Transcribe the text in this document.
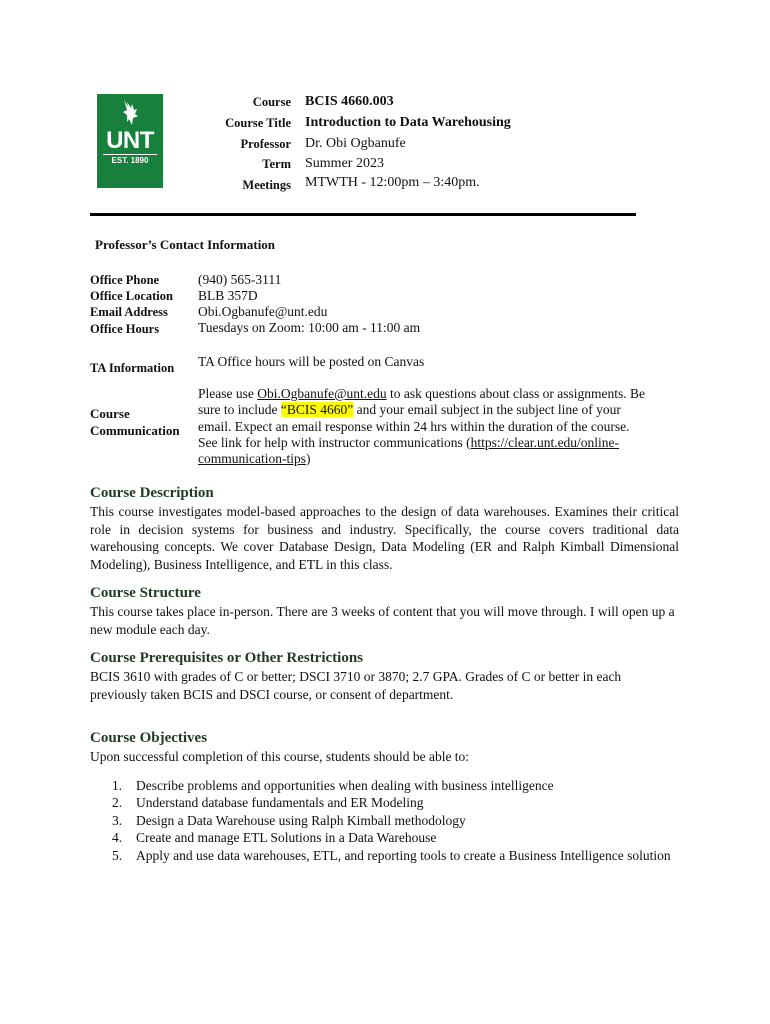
UNT
EST. 1890
Course BCIS 4660.003
Course Title Introduction to Data Warehousing
Professor Dr. Obi Ogbanufe
Term Summer 2023
Meetings MTWTH - 12:00pm – 3:40pm.
Professor’s Contact Information
Office Phone	(940) 565-3111
Office Location BLB 357D
Email Address Obi.Ogbanufe@unt.edu
Office Hours	Tuesdays on Zoom: 10:00 am - 11:00 am
TA Information TA Office hours will be posted on Canvas
Course
Communication
Please use Obi.Ogbanufe@unt.edu to ask questions about class or assignments. Be sure to include “BCIS 4660” and your email subject in the subject line of your email. Expect an email response within 24 hrs within the duration of the course. See link for help with instructor communications (https://clear.unt.edu/online-communication-tips)
Course Description
This course investigates model-based approaches to the design of data warehouses. Examines their critical role in decision systems for business and industry. Specifically, the course covers traditional data warehousing concepts. We cover Database Design, Data Modeling (ER and Ralph Kimball Dimensional Modeling), Business Intelligence, and ETL in this class.
Course Structure
This course takes place in-person. There are 3 weeks of content that you will move through. I will open up a new module each day.
Course Prerequisites or Other Restrictions
BCIS 3610 with grades of C or better; DSCI 3710 or 3870; 2.7 GPA. Grades of C or better in each previously taken BCIS and DSCI course, or consent of department.
Course Objectives
Upon successful completion of this course, students should be able to:
1. Describe problems and opportunities when dealing with business intelligence
2. Understand database fundamentals and ER Modeling
3. Design a Data Warehouse using Ralph Kimball methodology
4. Create and manage ETL Solutions in a Data Warehouse
5. Apply and use data warehouses, ETL, and reporting tools to create a Business Intelligence solution
